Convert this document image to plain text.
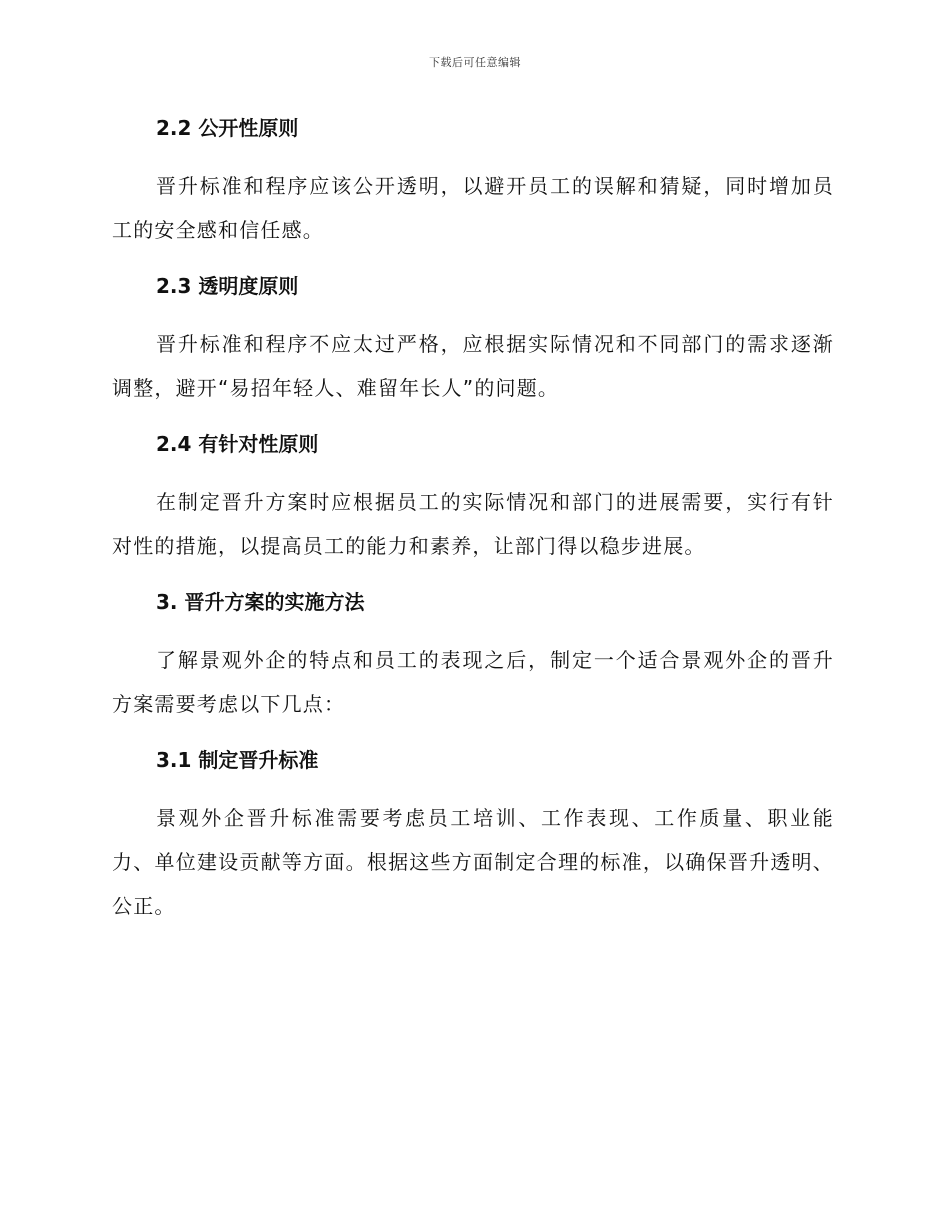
下载后可任意编辑
2.2 公开性原则

晋升标准和程序应该公开透明，以避开员工的误解和猜疑，同时增加员工的安全感和信任感。

2.3 透明度原则

晋升标准和程序不应太过严格，应根据实际情况和不同部门的需求逐渐调整，避开“易招年轻人、难留年长人”的问题。

2.4 有针对性原则

在制定晋升方案时应根据员工的实际情况和部门的进展需要，实行有针对性的措施，以提高员工的能力和素养，让部门得以稳步进展。

3. 晋升方案的实施方法

了解景观外企的特点和员工的表现之后，制定一个适合景观外企的晋升方案需要考虑以下几点：

3.1 制定晋升标准

景观外企晋升标准需要考虑员工培训、工作表现、工作质量、职业能力、单位建设贡献等方面。根据这些方面制定合理的标准，以确保晋升透明、公正。
